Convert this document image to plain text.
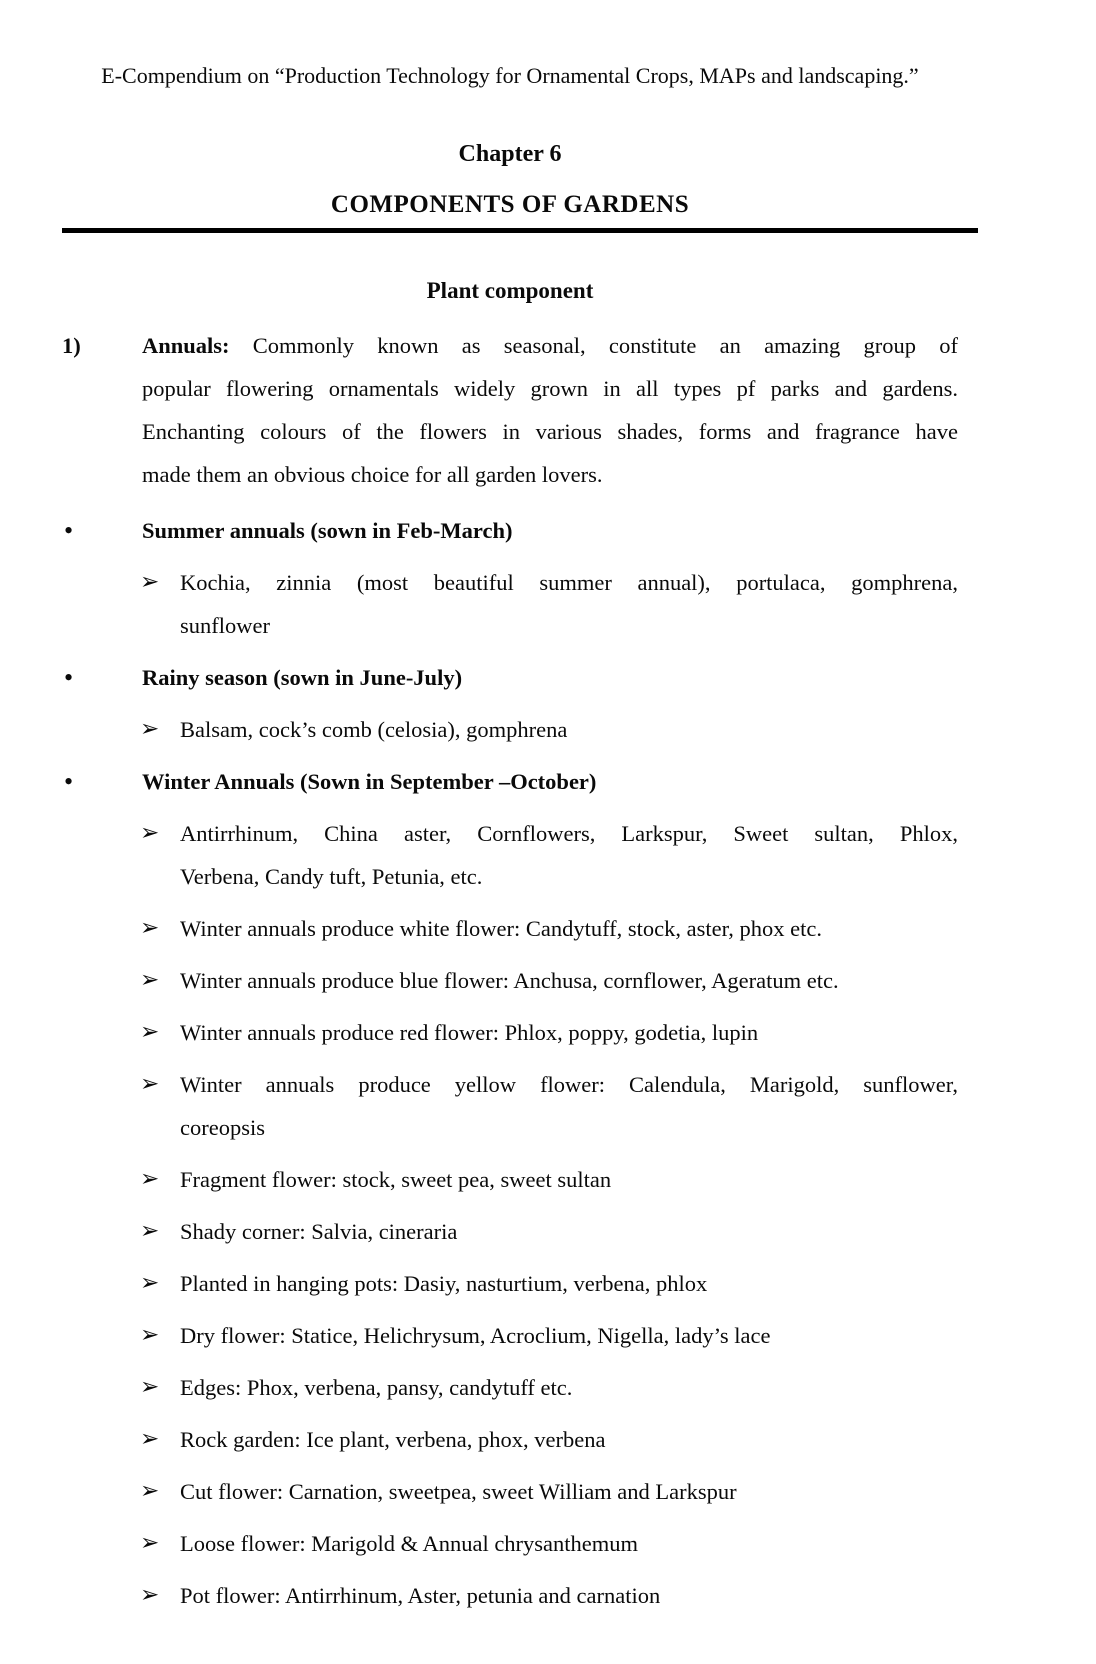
E-Compendium on “Production Technology for Ornamental Crops, MAPs and landscaping.”
Chapter 6
COMPONENTS OF GARDENS
Plant component
1)	Annuals: Commonly known as seasonal, constitute an amazing group of
popular flowering ornamentals widely grown in all types pf parks and gardens.
Enchanting colours of the flowers in various shades, forms and fragrance have
made them an obvious choice for all garden lovers.
•	Summer annuals (sown in Feb-March)
➢ Kochia, zinnia (most beautiful summer annual), portulaca, gomphrena,
sunflower
•	Rainy season (sown in June-July)
➢ Balsam, cock’s comb (celosia), gomphrena
•	Winter Annuals (Sown in September –October)
➢ Antirrhinum, China aster, Cornflowers, Larkspur, Sweet sultan, Phlox,
Verbena, Candy tuft, Petunia, etc.
➢ Winter annuals produce white flower: Candytuff, stock, aster, phox etc.
➢ Winter annuals produce blue flower: Anchusa, cornflower, Ageratum etc.
➢ Winter annuals produce red flower: Phlox, poppy, godetia, lupin
➢ Winter annuals produce yellow flower: Calendula, Marigold, sunflower,
coreopsis
➢ Fragment flower: stock, sweet pea, sweet sultan
➢ Shady corner: Salvia, cineraria
➢ Planted in hanging pots: Dasiy, nasturtium, verbena, phlox
➢ Dry flower: Statice, Helichrysum, Acroclium, Nigella, lady’s lace
➢ Edges: Phox, verbena, pansy, candytuff etc.
➢ Rock garden: Ice plant, verbena, phox, verbena
➢ Cut flower: Carnation, sweetpea, sweet William and Larkspur
➢ Loose flower: Marigold & Annual chrysanthemum
➢ Pot flower: Antirrhinum, Aster, petunia and carnation
